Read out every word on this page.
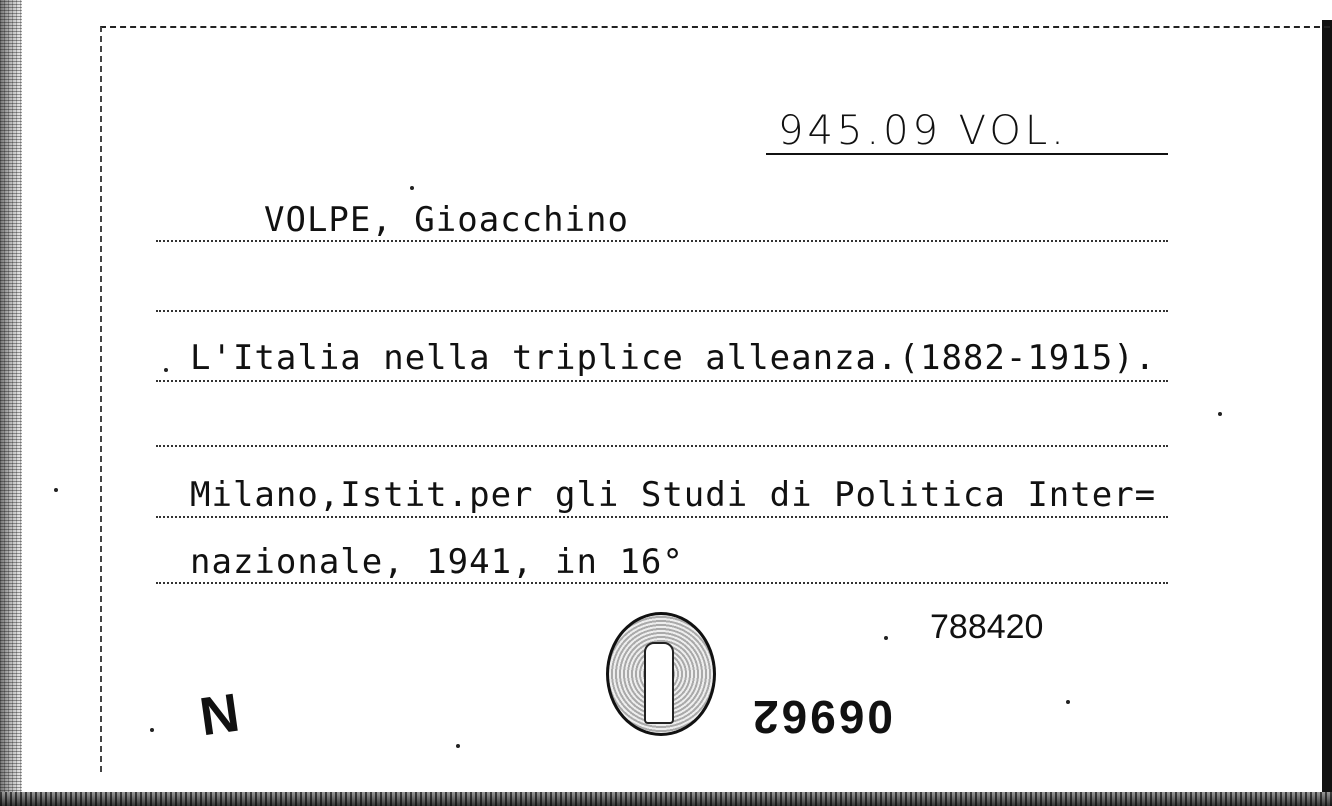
945.09 VOL.
VOLPE, Gioacchino
L'Italia nella triplice alleanza.(1882-1915).
Milano,Istit.per gli Studi di Politica Inter=
nazionale, 1941, in 16°
788420
06962
N
